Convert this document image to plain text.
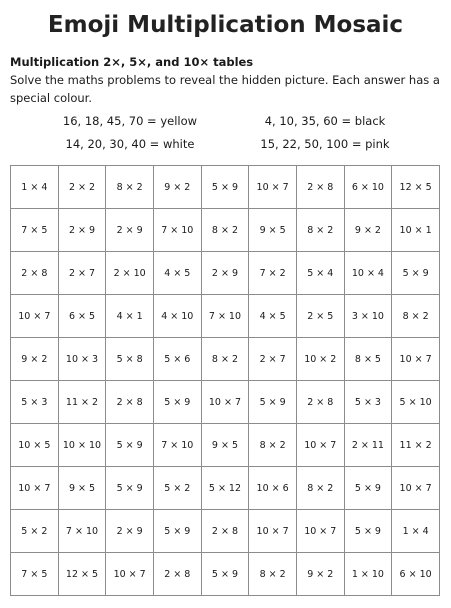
Emoji Multiplication Mosaic
Multiplication 2×, 5×, and 10× tables
Solve the maths problems to reveal the hidden picture. Each answer has a special colour.
16, 18, 45, 70 = yellow	4, 10, 35, 60 = black
14, 20, 30, 40 = white	15, 22, 50, 100 = pink
1 × 4	2 × 2	8 × 2	9 × 2	5 × 9	10 × 7	2 × 8	6 × 10	12 × 5
7 × 5	2 × 9	2 × 9	7 × 10	8 × 2	9 × 5	8 × 2	9 × 2	10 × 1
2 × 8	2 × 7	2 × 10	4 × 5	2 × 9	7 × 2	5 × 4	10 × 4	5 × 9
10 × 7	6 × 5	4 × 1	4 × 10	7 × 10	4 × 5	2 × 5	3 × 10	8 × 2
9 × 2	10 × 3	5 × 8	5 × 6	8 × 2	2 × 7	10 × 2	8 × 5	10 × 7
5 × 3	11 × 2	2 × 8	5 × 9	10 × 7	5 × 9	2 × 8	5 × 3	5 × 10
10 × 5	10 × 10	5 × 9	7 × 10	9 × 5	8 × 2	10 × 7	2 × 11	11 × 2
10 × 7	9 × 5	5 × 9	5 × 2	5 × 12	10 × 6	8 × 2	5 × 9	10 × 7
5 × 2	7 × 10	2 × 9	5 × 9	2 × 8	10 × 7	10 × 7	5 × 9	1 × 4
7 × 5	12 × 5	10 × 7	2 × 8	5 × 9	8 × 2	9 × 2	1 × 10	6 × 10
